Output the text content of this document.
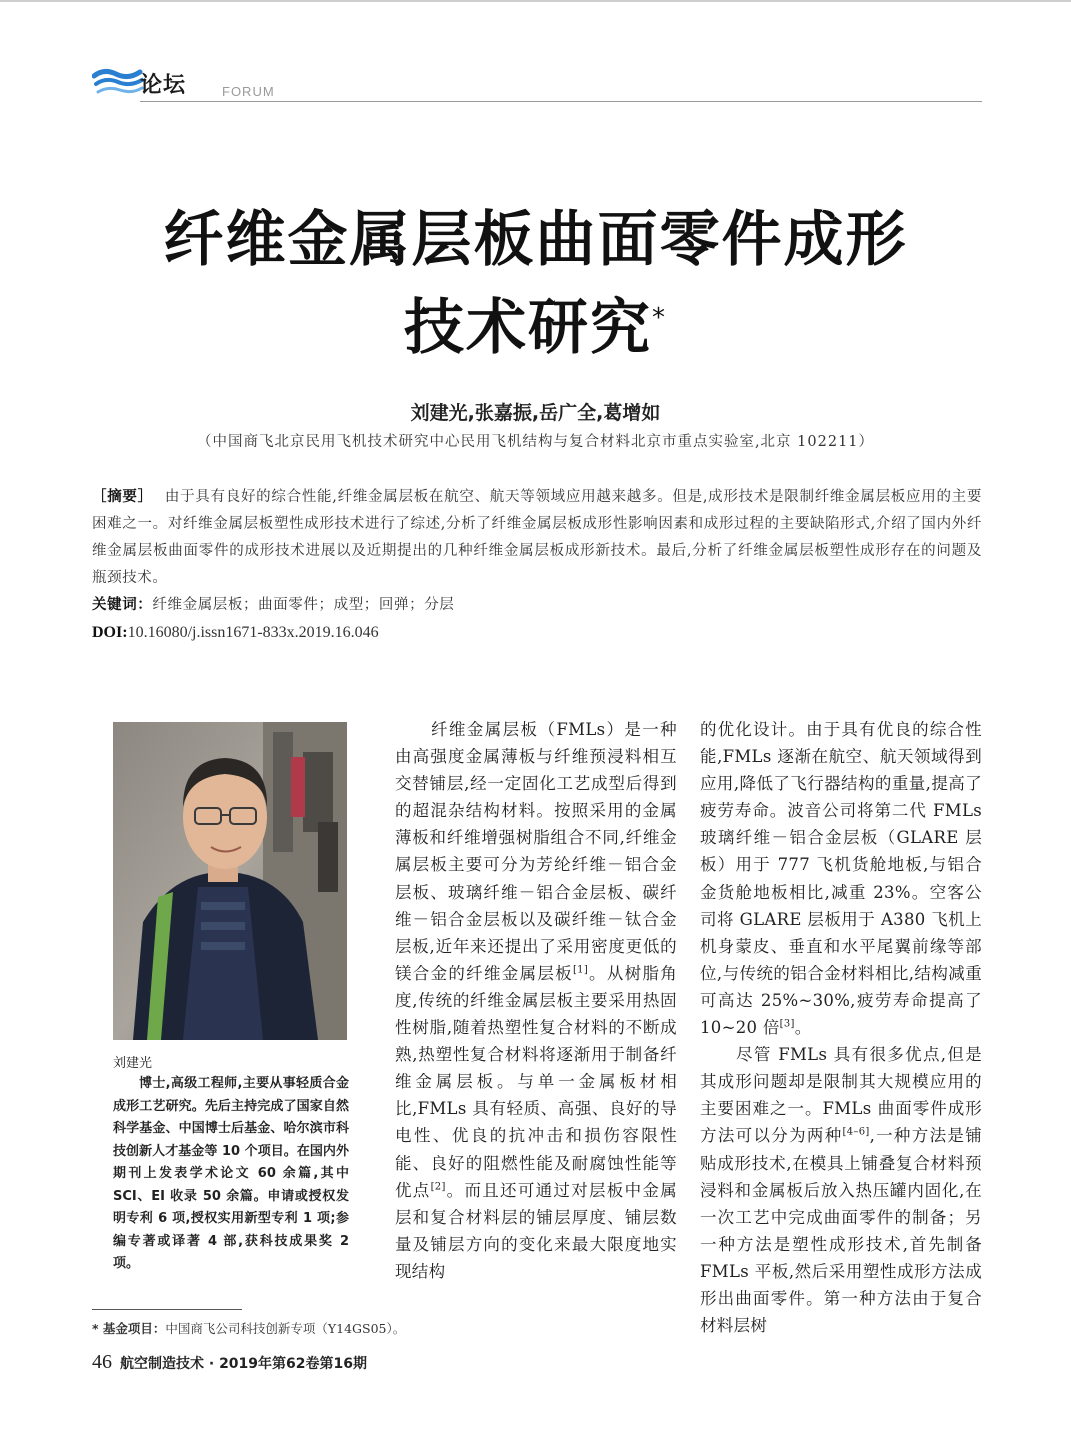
论坛	FORUM
纤维金属层板曲面零件成形
技术研究*
刘建光,张嘉振,岳广全,葛增如
（中国商飞北京民用飞机技术研究中心民用飞机结构与复合材料北京市重点实验室,北京 102211）
［摘要］ 由于具有良好的综合性能,纤维金属层板在航空、航天等领域应用越来越多。但是,成形技术是限制纤维金属层板应用的主要困难之一。对纤维金属层板塑性成形技术进行了综述,分析了纤维金属层板成形性影响因素和成形过程的主要缺陷形式,介绍了国内外纤维金属层板曲面零件的成形技术进展以及近期提出的几种纤维金属层板成形新技术。最后,分析了纤维金属层板塑性成形存在的问题及瓶颈技术。
关键词：纤维金属层板；曲面零件；成型；回弹；分层
DOI:10.16080/j.issn1671-833x.2019.16.046
刘建光
博士,高级工程师,主要从事轻质合金成形工艺研究。先后主持完成了国家自然科学基金、中国博士后基金、哈尔滨市科技创新人才基金等 10 个项目。在国内外期刊上发表学术论文 60 余篇,其中 SCI、EI 收录 50 余篇。申请或授权发明专利 6 项,授权实用新型专利 1 项;参编专著或译著 4 部,获科技成果奖 2 项。
纤维金属层板（FMLs）是一种由高强度金属薄板与纤维预浸料相互交替铺层,经一定固化工艺成型后得到的超混杂结构材料。按照采用的金属薄板和纤维增强树脂组合不同,纤维金属层板主要可分为芳纶纤维－铝合金层板、玻璃纤维－铝合金层板、碳纤维－铝合金层板以及碳纤维－钛合金层板,近年来还提出了采用密度更低的镁合金的纤维金属层板[1]。从树脂角度,传统的纤维金属层板主要采用热固性树脂,随着热塑性复合材料的不断成熟,热塑性复合材料将逐渐用于制备纤维金属层板。与单一金属板材相比,FMLs 具有轻质、高强、良好的导电性、优良的抗冲击和损伤容限性能、良好的阻燃性能及耐腐蚀性能等优点[2]。而且还可通过对层板中金属层和复合材料层的铺层厚度、铺层数量及铺层方向的变化来最大限度地实现结构

的优化设计。由于具有优良的综合性能,FMLs 逐渐在航空、航天领域得到应用,降低了飞行器结构的重量,提高了疲劳寿命。波音公司将第二代 FMLs 玻璃纤维－铝合金层板（GLARE 层板）用于 777 飞机货舱地板,与铝合金货舱地板相比,减重 23%。空客公司将 GLARE 层板用于 A380 飞机上机身蒙皮、垂直和水平尾翼前缘等部位,与传统的铝合金材料相比,结构减重可高达 25%~30%,疲劳寿命提高了 10~20 倍[3]。

尽管 FMLs 具有很多优点,但是其成形问题却是限制其大规模应用的主要困难之一。FMLs 曲面零件成形方法可以分为两种[4–6],一种方法是铺贴成形技术,在模具上铺叠复合材料预浸料和金属板后放入热压罐内固化,在一次工艺中完成曲面零件的制备；另一种方法是塑性成形技术,首先制备 FMLs 平板,然后采用塑性成形方法成形出曲面零件。第一种方法由于复合材料层树

* 基金项目：中国商飞公司科技创新专项（Y14GS05）。
46 航空制造技术 · 2019年第62卷第16期
